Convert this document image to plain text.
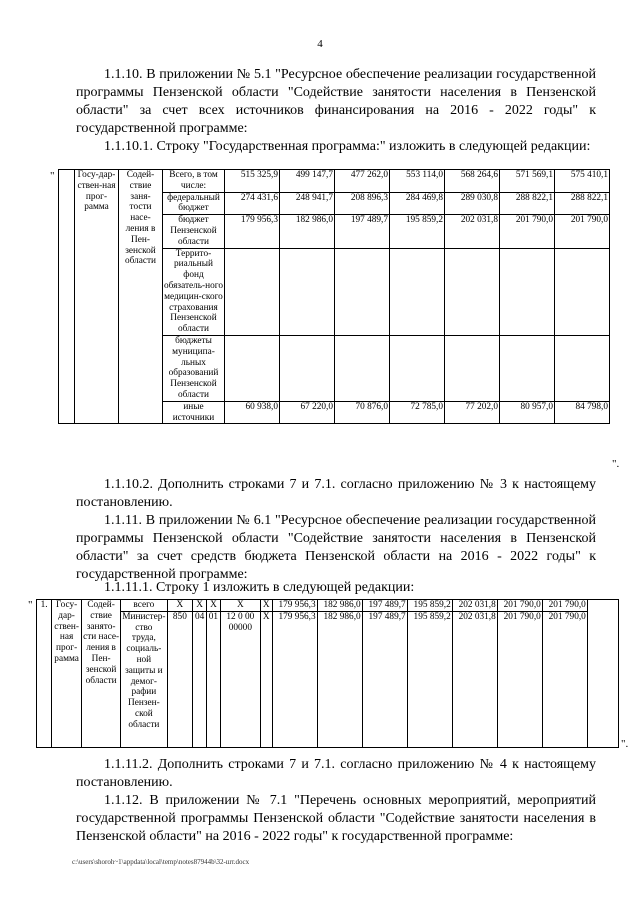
4
1.1.10. В приложении № 5.1 "Ресурсное обеспечение реализации государственной программы Пензенской области "Содействие занятости населения в Пензенской области" за счет всех источников финансирования на 2016 - 2022 годы" к государственной программе:
1.1.10.1. Строку "Государственная программа:" изложить в следующей редакции:
"
	Госу-дар-ствен-ная прог-рамма	Содей-ствие заня-тости насе-ления в Пен-зенской области	Всего, в том числе:	515 325,9	499 147,7	477 262,0	553 114,0	568 264,6	571 569,1	575 410,1
			федеральный бюджет	274 431,6	248 941,7	208 896,3	284 469,8	289 030,8	288 822,1	288 822,1
			бюджет Пензенской области	179 956,3	182 986,0	197 489,7	195 859,2	202 031,8	201 790,0	201 790,0
			Террито-риальный фонд обязатель-ного медицин-ского страхования Пензенской области							
			бюджеты муниципа-льных образований Пензенской области							
			иные источники	60 938,0	67 220,0	70 876,0	72 785,0	77 202,0	80 957,0	84 798,0
".
1.1.10.2. Дополнить строками 7 и 7.1. согласно приложению № 3 к настоящему постановлению.
1.1.11. В приложении № 6.1 "Ресурсное обеспечение реализации государственной программы Пензенской области "Содействие занятости населения в Пензенской области" за счет средств бюджета Пензенской области на 2016 - 2022 годы" к государственной программе:
1.1.11.1. Строку 1 изложить в следующей редакции:
" 1.	Госу-дар-ствен-ная прог-рамма	Содей-ствие занято-сти насе-ления в Пен-зенской области	всего	X	X	X	X	X	179 956,3	182 986,0	197 489,7	195 859,2	202 031,8	201 790,0	201 790,0	
			Министер-ство труда, социаль-ной защиты и демог-рафии Пензен-ской области	850	04	01	12 0 00 00000	X	179 956,3	182 986,0	197 489,7	195 859,2	202 031,8	201 790,0	201 790,0	
".
1.1.11.2. Дополнить строками 7 и 7.1. согласно приложению № 4 к настоящему постановлению.
1.1.12. В приложении № 7.1 "Перечень основных мероприятий, мероприятий государственной программы Пензенской области "Содействие занятости населения в Пензенской области" на 2016 - 2022 годы" к государственной программе:
c:\users\shoroh~1\appdata\local\temp\notes87944b\32-шт.docx
